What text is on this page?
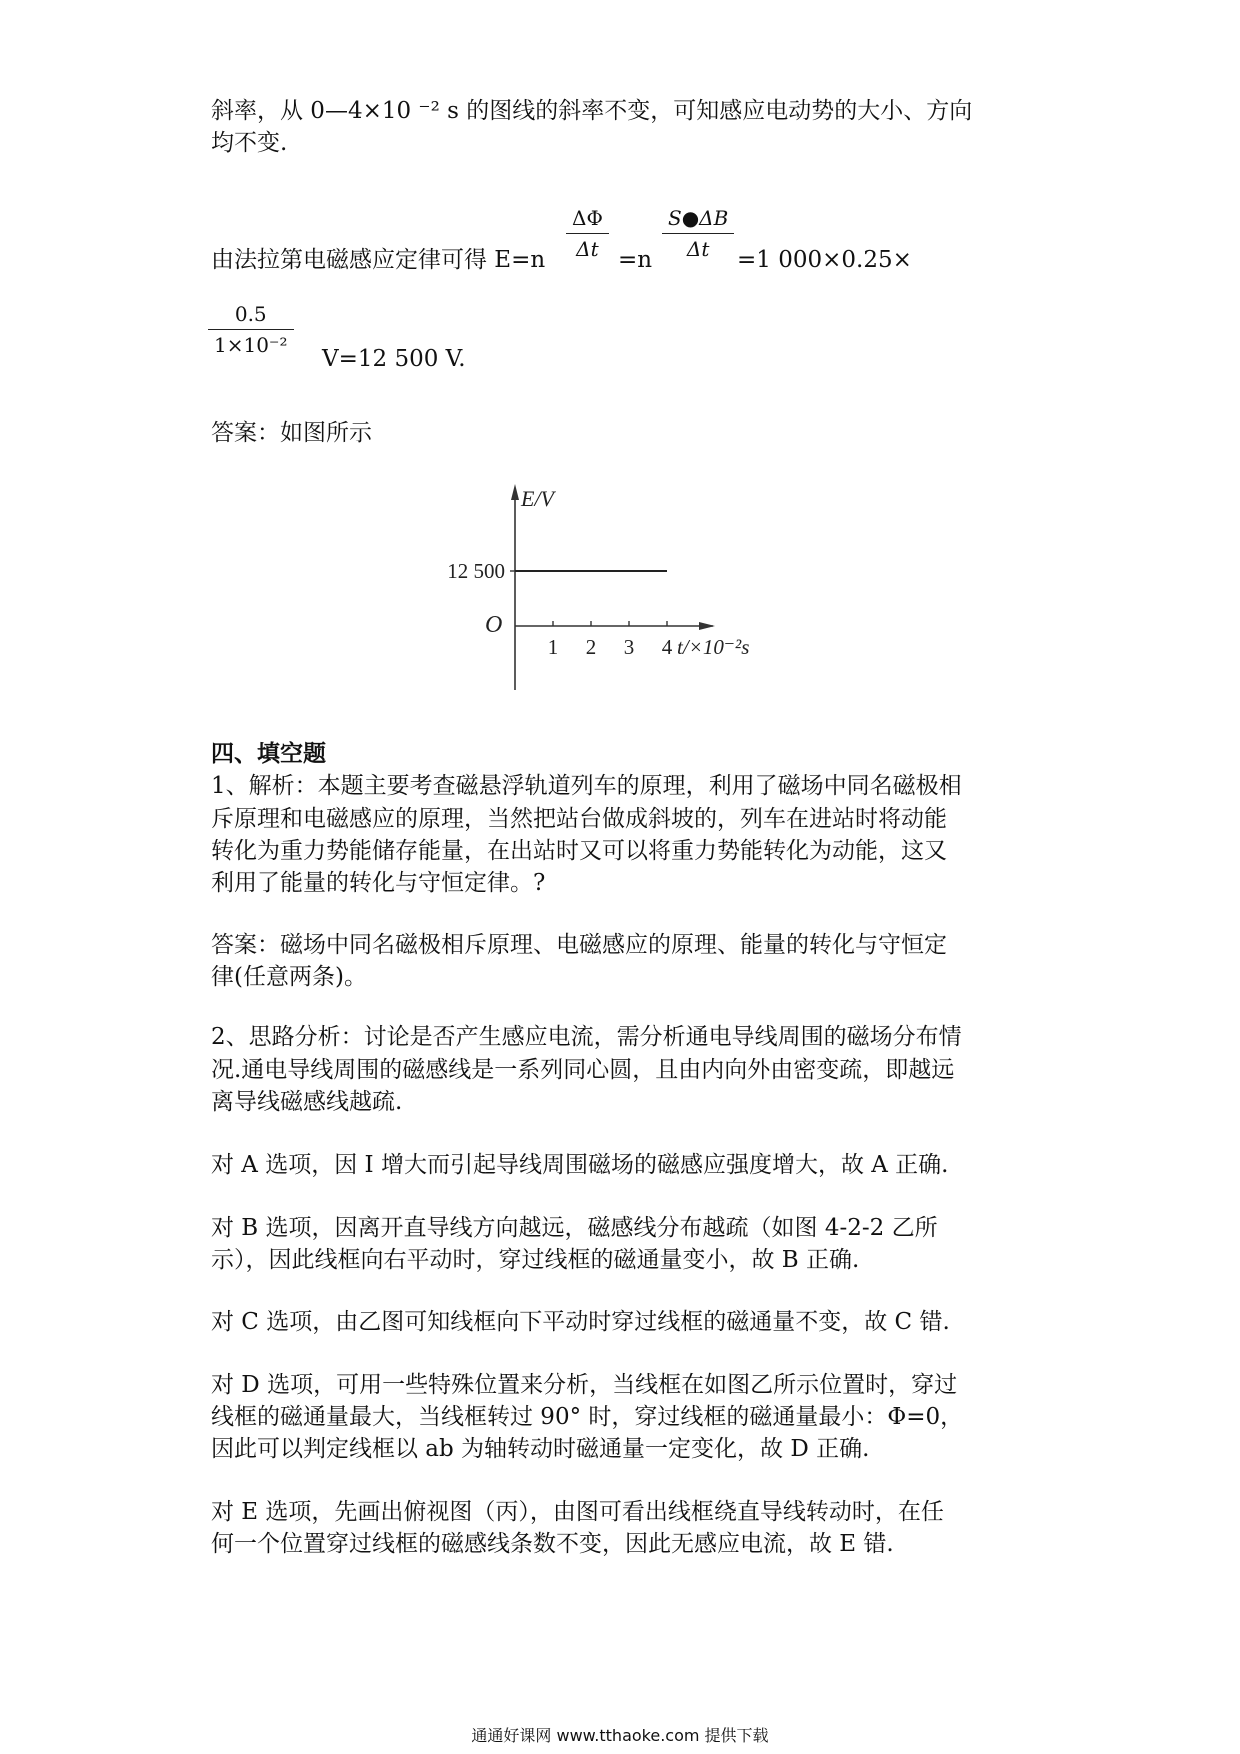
斜率，从 0—4×10 ⁻² s 的图线的斜率不变，可知感应电动势的大小、方向
均不变.
由法拉第电磁感应定律可得 E=n
ΔΦ
Δt =n
S●ΔB
Δt	=1 000×0.25×
0.5
1×10⁻²
V=12 500 V.
答案：如图所示
12 500
1 2 3 4
E/V
O
t/×10⁻²s
四、填空题
1、解析：本题主要考查磁悬浮轨道列车的原理，利用了磁场中同名磁极相
斥原理和电磁感应的原理，当然把站台做成斜坡的，列车在进站时将动能
转化为重力势能储存能量，在出站时又可以将重力势能转化为动能，这又
利用了能量的转化与守恒定律。?
答案：磁场中同名磁极相斥原理、电磁感应的原理、能量的转化与守恒定
律(任意两条)。
2、思路分析：讨论是否产生感应电流，需分析通电导线周围的磁场分布情
况.通电导线周围的磁感线是一系列同心圆，且由内向外由密变疏，即越远
离导线磁感线越疏.
对 A 选项，因 I 增大而引起导线周围磁场的磁感应强度增大，故 A 正确.
对 B 选项，因离开直导线方向越远，磁感线分布越疏（如图 4-2-2 乙所
示），因此线框向右平动时，穿过线框的磁通量变小，故 B 正确.
对 C 选项，由乙图可知线框向下平动时穿过线框的磁通量不变，故 C 错.
对 D 选项，可用一些特殊位置来分析，当线框在如图乙所示位置时，穿过
线框的磁通量最大，当线框转过 90° 时，穿过线框的磁通量最小：Φ=0，
因此可以判定线框以 ab 为轴转动时磁通量一定变化，故 D 正确.
对 E 选项，先画出俯视图（丙），由图可看出线框绕直导线转动时，在任
何一个位置穿过线框的磁感线条数不变，因此无感应电流，故 E 错.
通通好课网 www.tthaoke.com 提供下载
